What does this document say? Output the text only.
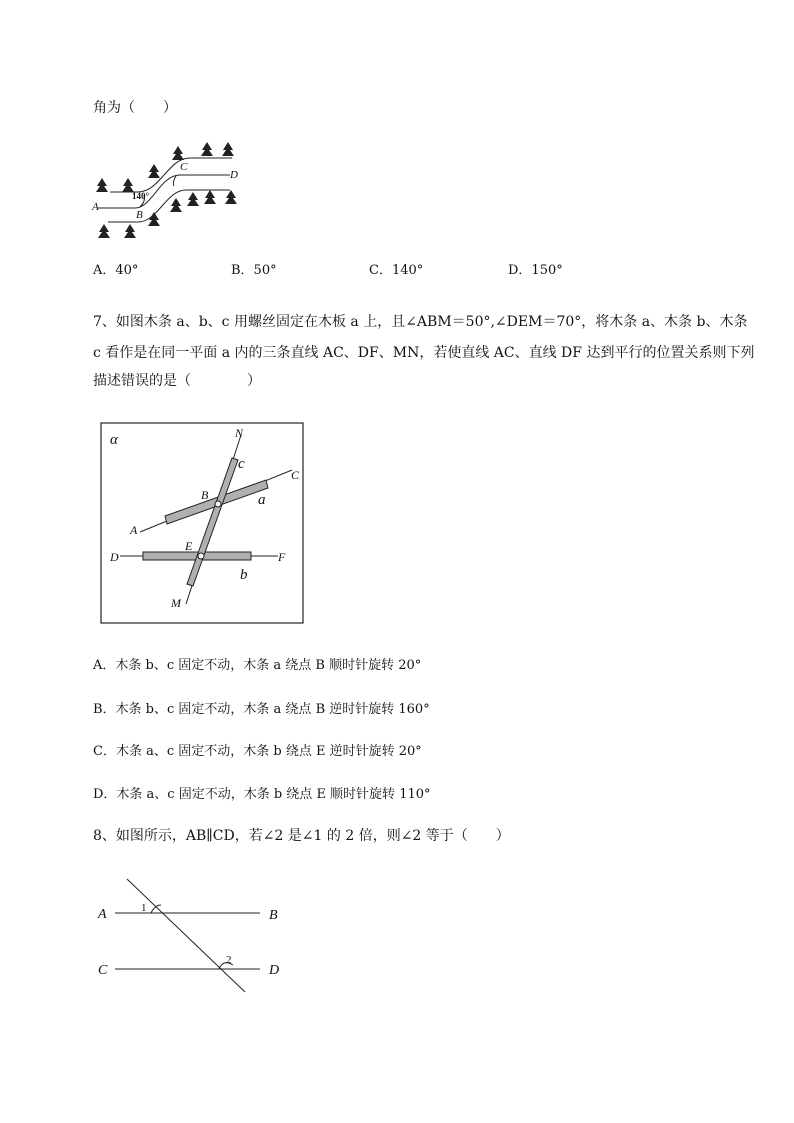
角为（　　）
A
B
C
D
140°
A．40°	B．50°	C．140°	D．150°
7、如图木条 a、b、c 用螺丝固定在木板 a 上，且∠ABM＝50°,∠DEM＝70°，将木条 a、木条 b、木条
c 看作是在同一平面 a 内的三条直线 AC、DF、MN，若使直线 AC、直线 DF 达到平行的位置关系则下列
描述错误的是（　　　　）
α	N
c
C
B	a
A
E
D	F
b
M
A．木条 b、c 固定不动，木条 a 绕点 B 顺时针旋转 20°
B．木条 b、c 固定不动，木条 a 绕点 B 逆时针旋转 160°
C．木条 a、c 固定不动，木条 b 绕点 E 逆时针旋转 20°
D．木条 a、c 固定不动，木条 b 绕点 E 顺时针旋转 110°
8、如图所示，AB∥CD，若∠2 是∠1 的 2 倍，则∠2 等于（　　）
A	B
C	D
1
2
